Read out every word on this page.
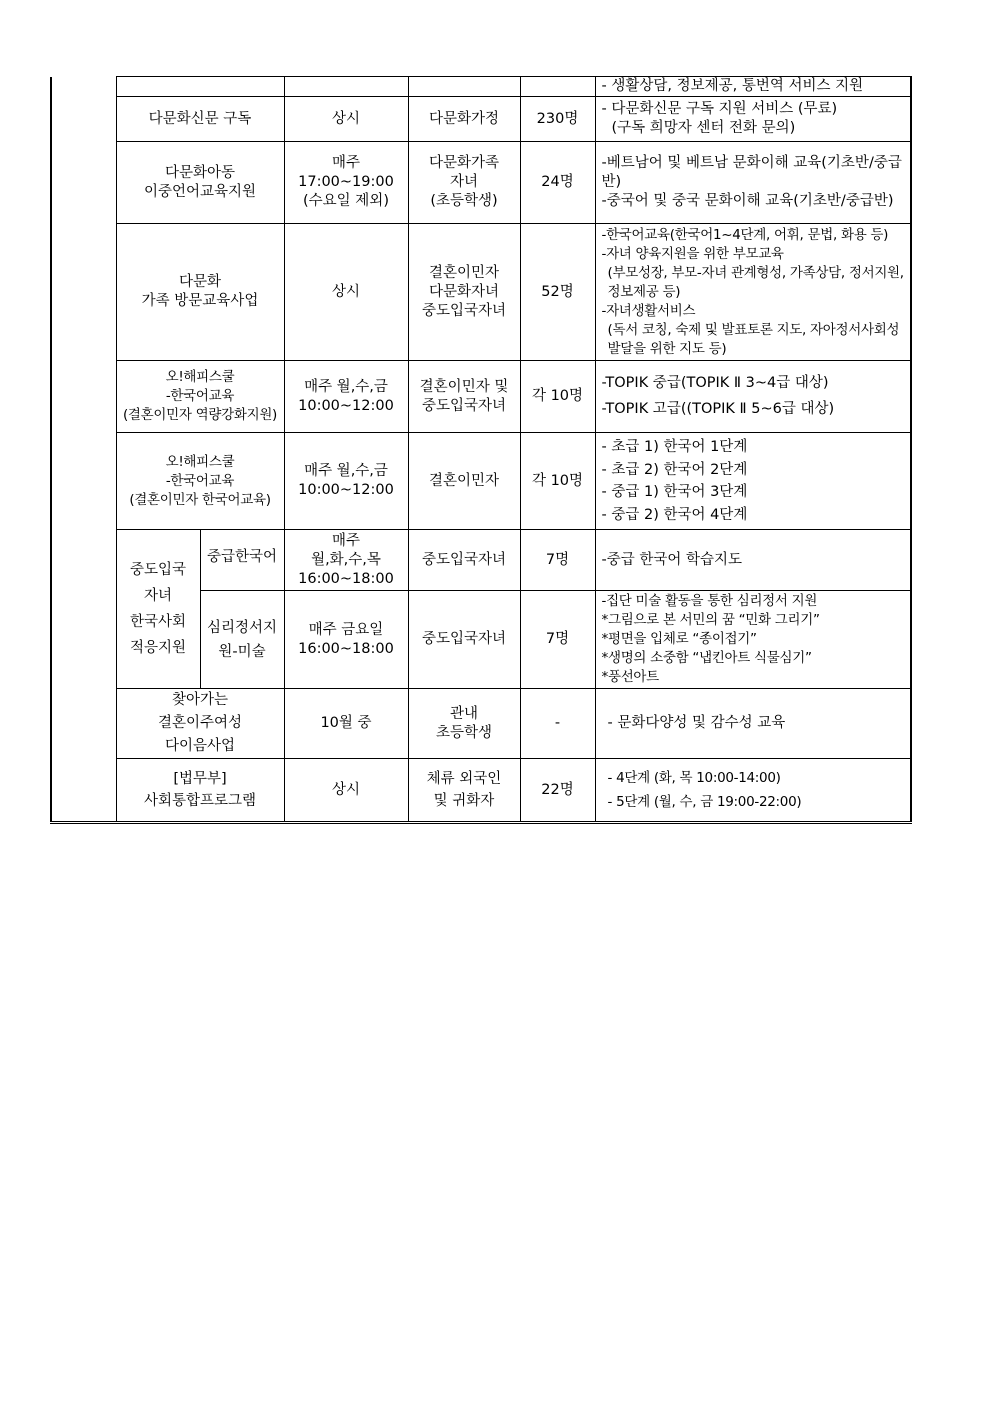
						- 생활상담, 정보제공, 통번역 서비스 지원

	다문화신문 구독		상시	다문화가정	230명	- 다문화신문 구독 지원 서비스 (무료)
(구독 희망자 센터 전화 문의)

	다문화아동
이중언어교육지원		매주
17:00~19:00
(수요일 제외)	다문화가족
자녀
(초등학생)	24명	-베트남어 및 베트남 문화이해 교육(기초반/중급반)
-중국어 및 중국 문화이해 교육(기초반/중급반)

	다문화
가족 방문교육사업		상시	결혼이민자
다문화자녀
중도입국자녀	52명	-한국어교육(한국어1~4단계, 어휘, 문법, 화용 등)
-자녀 양육지원을 위한 부모교육
(부모성장, 부모-자녀 관계형성, 가족상담, 정서지원, 정보제공 등)
-자녀생활서비스
(독서 코칭, 숙제 및 발표토론 지도, 자아정서사회성 발달을 위한 지도 등)

	오!해피스쿨
-한국어교육
(결혼이민자 역량강화지원)		매주 월,수,금
10:00~12:00	결혼이민자 및
중도입국자녀	각 10명	-TOPIK 중급(TOPIK Ⅱ 3~4급 대상)
-TOPIK 고급((TOPIK Ⅱ 5~6급 대상)

	오!해피스쿨
-한국어교육
(결혼이민자 한국어교육)		매주 월,수,금
10:00~12:00	결혼이민자	각 10명	- 초급 1) 한국어 1단계
- 초급 2) 한국어 2단계
- 중급 1) 한국어 3단계
- 중급 2) 한국어 4단계

	중도입국
자녀
한국사회
적응지원	중급한국어	매주
월,화,수,목
16:00~18:00	중도입국자녀	7명	-중급 한국어 학습지도

		심리정서지
원-미술	매주 금요일
16:00~18:00	중도입국자녀	7명	-집단 미술 활동을 통한 심리정서 지원
*그림으로 본 서민의 꿈 “민화 그리기”
*평면을 입체로 “종이접기”
*생명의 소중함 “냅킨아트 식물심기”
*풍선아트

	찾아가는
결혼이주여성
다이음사업		10월 중	관내
초등학생	-	- 문화다양성 및 감수성 교육

	[법무부]
사회통합프로그램		상시	체류 외국인
및 귀화자	22명	- 4단계 (화, 목 10:00-14:00)
- 5단계 (월, 수, 금 19:00-22:00)
